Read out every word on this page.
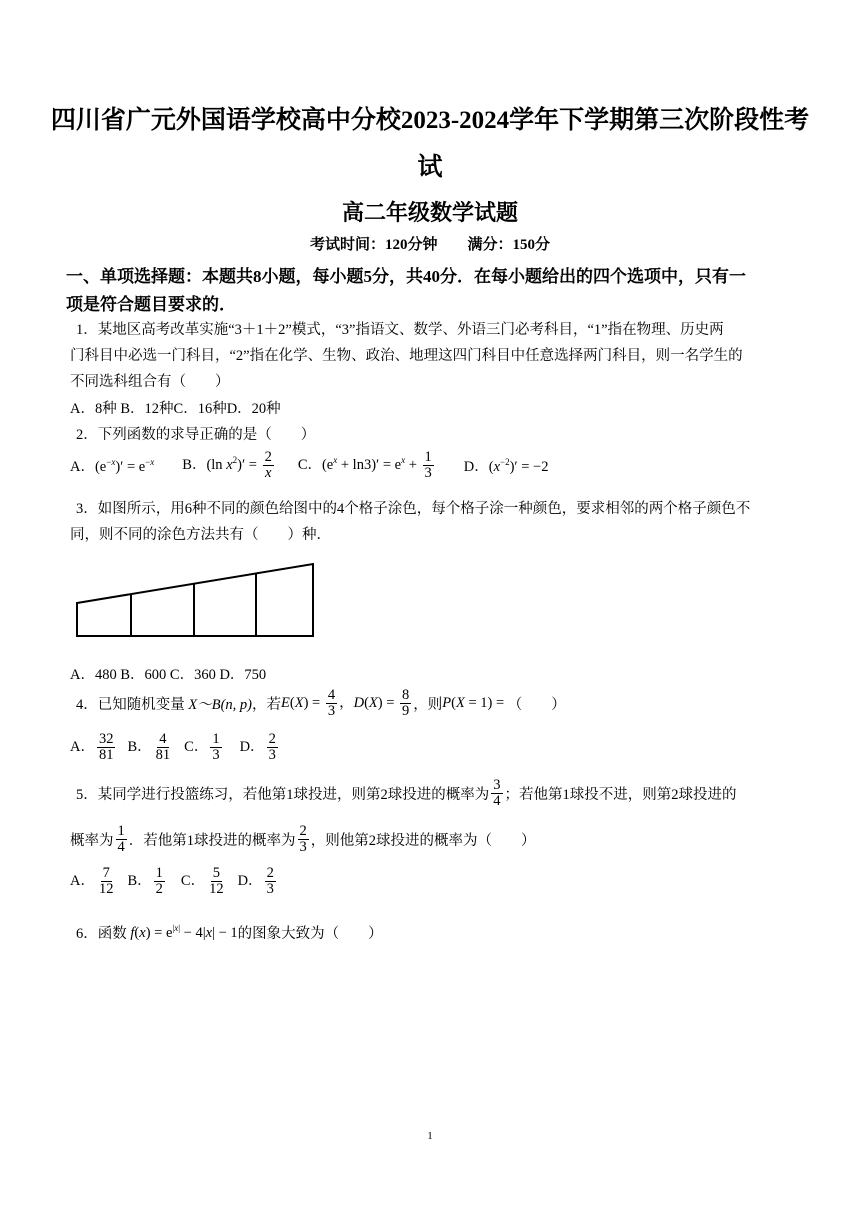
四川省广元外国语学校高中分校2023-2024学年下学期第三次阶段性考
试
高二年级数学试题
考试时间：120分钟　　满分：150分
一、单项选择题：本题共8小题，每小题5分，共40分．在每小题给出的四个选项中，只有一
项是符合题目要求的．
1．某地区高考改革实施“3＋1＋2”模式，“3”指语文、数学、外语三门必考科目，“1”指在物理、历史两
门科目中必选一门科目，“2”指在化学、生物、政治、地理这四门科目中任意选择两门科目，则一名学生的
不同选科组合有（　　）
A．8种 B．12种C．16种D．20种
2．下列函数的求导正确的是（　　）
A．$(e^{-x})' = e^{-x}$ B．(ln $x^2)' = \frac{2}{x}$ C．$(e^x + \ln 3)' = e^x + \frac{1}{3}$ D．$(x^{-2})' = -2$
3．如图所示，用6种不同的颜色给图中的4个格子涂色，每个格子涂一种颜色，要求相邻的两个格子颜色不
同，则不同的涂色方法共有（　　）种．
A．480 B．600 C．360 D．750
4．已知随机变量 X～B(n, p) ，若 $E(X) = \frac{4}{3}$ ， $D(X) = \frac{8}{9}$ ，则 P(X = 1) = （　　）
A． $\frac{32}{81}$ B． $\frac{4}{81}$ C． $\frac{1}{3}$ D． $\frac{2}{3}$
5．某同学进行投篮练习，若他第1球投进，则第2球投进的概率为 $\frac{3}{4}$ ；若他第1球投不进，则第2球投进的
概率为 $\frac{1}{4}$ ．若他第1球投进的概率为 $\frac{2}{3}$ ，则他第2球投进的概率为（　　）
A． $\frac{7}{12}$ B． $\frac{1}{2}$ C． $\frac{5}{12}$ D． $\frac{2}{3}$
6．函数 $f(x) = e^{|x|} - 4|x| - 1$ 的图象大致为（　　）
1
